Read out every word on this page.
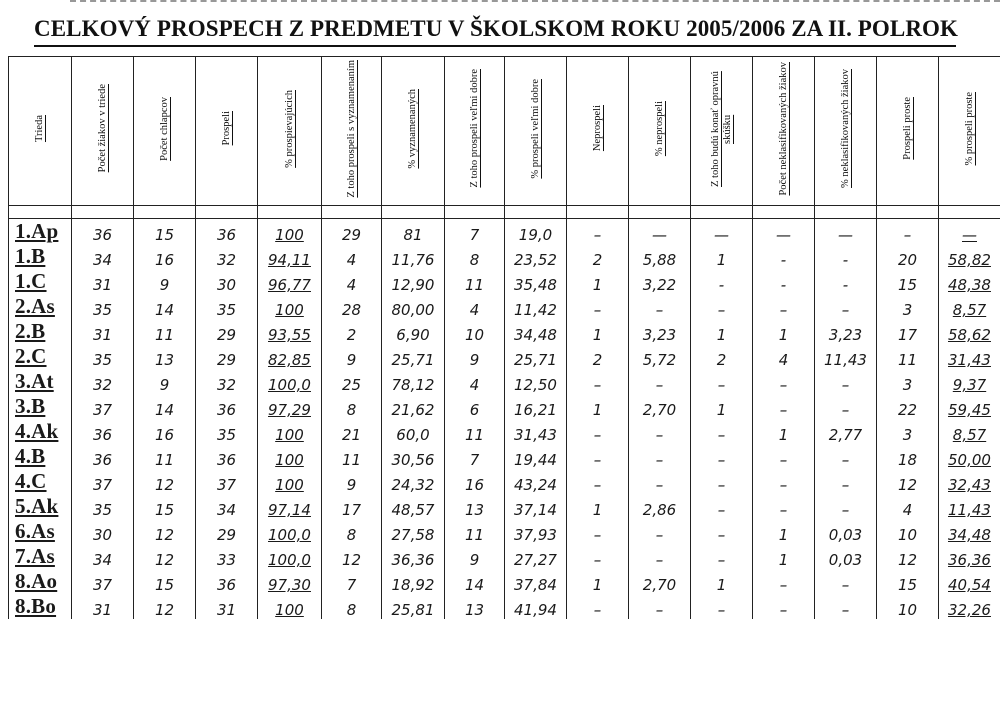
CELKOVÝ PROSPECH Z PREDMETU V ŠKOLSKOM ROKU 2005/2006 ZA II. POLROK
Trieda	Počet žiakov v triede	Počet chlapcov	Prospeli	% prospievajúcich	Z toho prospeli s vyznamenaním	% vyznamenaných	Z toho prospeli veľmi dobre	% prospeli veľmi dobre	Neprospeli	% neprospeli	Z toho budú konať opravnú skúšku	Počet neklasifikovaných žiakov	% neklasifikovaných žiakov	Prospeli proste	% prospeli proste

1.Ap	36	15	36	100	29	81	7	19,0	–	—	—	—	—	–	—
1.B	34	16	32	94,11	4	11,76	8	23,52	2	5,88	1	-	-	20	58,82
1.C	31	9	30	96,77	4	12,90	11	35,48	1	3,22	-	-	-	15	48,38
2.As	35	14	35	100	28	80,00	4	11,42	–	–	–	–	–	3	8,57
2.B	31	11	29	93,55	2	6,90	10	34,48	1	3,23	1	1	3,23	17	58,62
2.C	35	13	29	82,85	9	25,71	9	25,71	2	5,72	2	4	11,43	11	31,43
3.At	32	9	32	100,0	25	78,12	4	12,50	–	–	–	–	–	3	9,37
3.B	37	14	36	97,29	8	21,62	6	16,21	1	2,70	1	–	–	22	59,45
4.Ak	36	16	35	100	21	60,0	11	31,43	–	–	–	1	2,77	3	8,57
4.B	36	11	36	100	11	30,56	7	19,44	–	–	–	–	–	18	50,00
4.C	37	12	37	100	9	24,32	16	43,24	–	–	–	–	–	12	32,43
5.Ak	35	15	34	97,14	17	48,57	13	37,14	1	2,86	–	–	–	4	11,43
6.As	30	12	29	100,0	8	27,58	11	37,93	–	–	–	1	0,03	10	34,48
7.As	34	12	33	100,0	12	36,36	9	27,27	–	–	–	1	0,03	12	36,36
8.Ao	37	15	36	97,30	7	18,92	14	37,84	1	2,70	1	–	–	15	40,54
8.Bo	31	12	31	100	8	25,81	13	41,94	–	–	–	–	–	10	32,26
